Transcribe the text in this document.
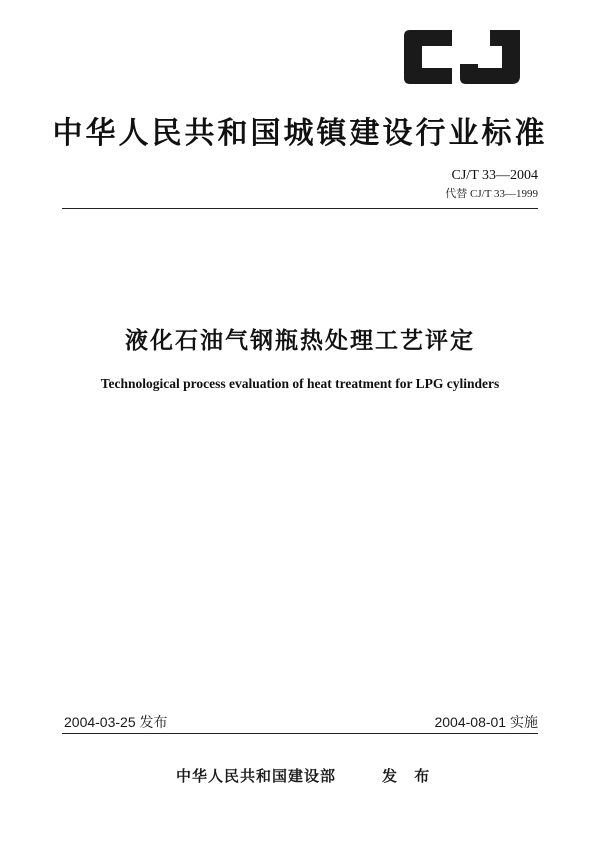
中华人民共和国城镇建设行业标准
CJ/T 33—2004
代替 CJ/T 33—1999
液化石油气钢瓶热处理工艺评定
Technological process evaluation of heat treatment for LPG cylinders
2004-03-25 发布	2004-08-01 实施
中华人民共和国建设部	发 布
